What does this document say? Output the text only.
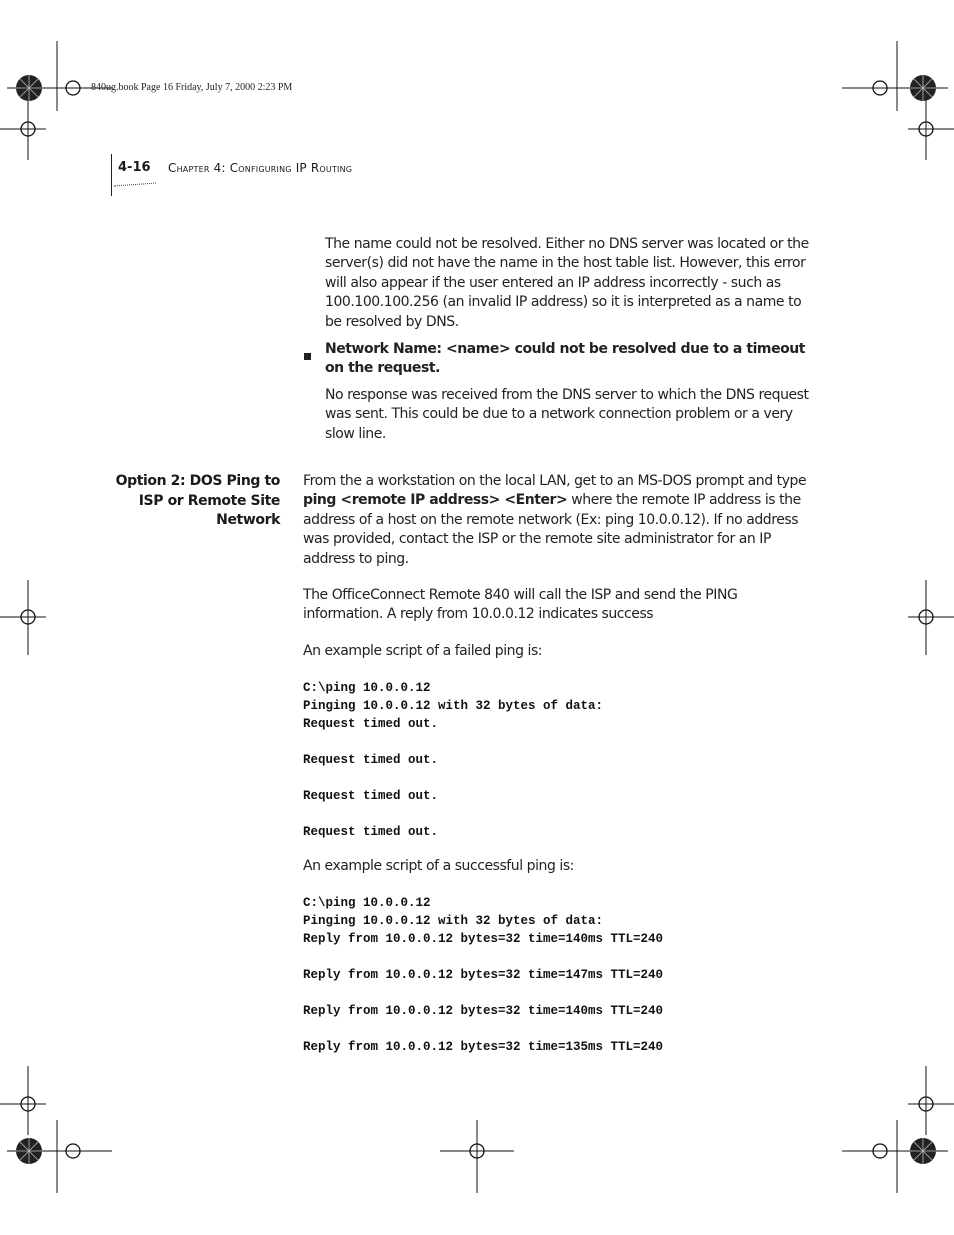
840ug.book Page 16 Friday, July 7, 2000 2:23 PM
4-16 Chapter 4: Configuring IP Routing

The name could not be resolved. Either no DNS server was located or the server(s) did not have the name in the host table list. However, this error will also appear if the user entered an IP address incorrectly - such as 100.100.100.256 (an invalid IP address) so it is interpreted as a name to be resolved by DNS.

Network Name: <name> could not be resolved due to a timeout on the request.

No response was received from the DNS server to which the DNS request was sent. This could be due to a network connection problem or a very slow line.

Option 2: DOS Ping to ISP or Remote Site Network

From the a workstation on the local LAN, get to an MS-DOS prompt and type ping <remote IP address> <Enter> where the remote IP address is the address of a host on the remote network (Ex: ping 10.0.0.12). If no address was provided, contact the ISP or the remote site administrator for an IP address to ping.

The OfficeConnect Remote 840 will call the ISP and send the PING information. A reply from 10.0.0.12 indicates success

An example script of a failed ping is:

C:\ping 10.0.0.12
Pinging 10.0.0.12 with 32 bytes of data:
Request timed out.

Request timed out.

Request timed out.

Request timed out.

An example script of a successful ping is:

C:\ping 10.0.0.12
Pinging 10.0.0.12 with 32 bytes of data:
Reply from 10.0.0.12 bytes=32 time=140ms TTL=240

Reply from 10.0.0.12 bytes=32 time=147ms TTL=240

Reply from 10.0.0.12 bytes=32 time=140ms TTL=240

Reply from 10.0.0.12 bytes=32 time=135ms TTL=240
